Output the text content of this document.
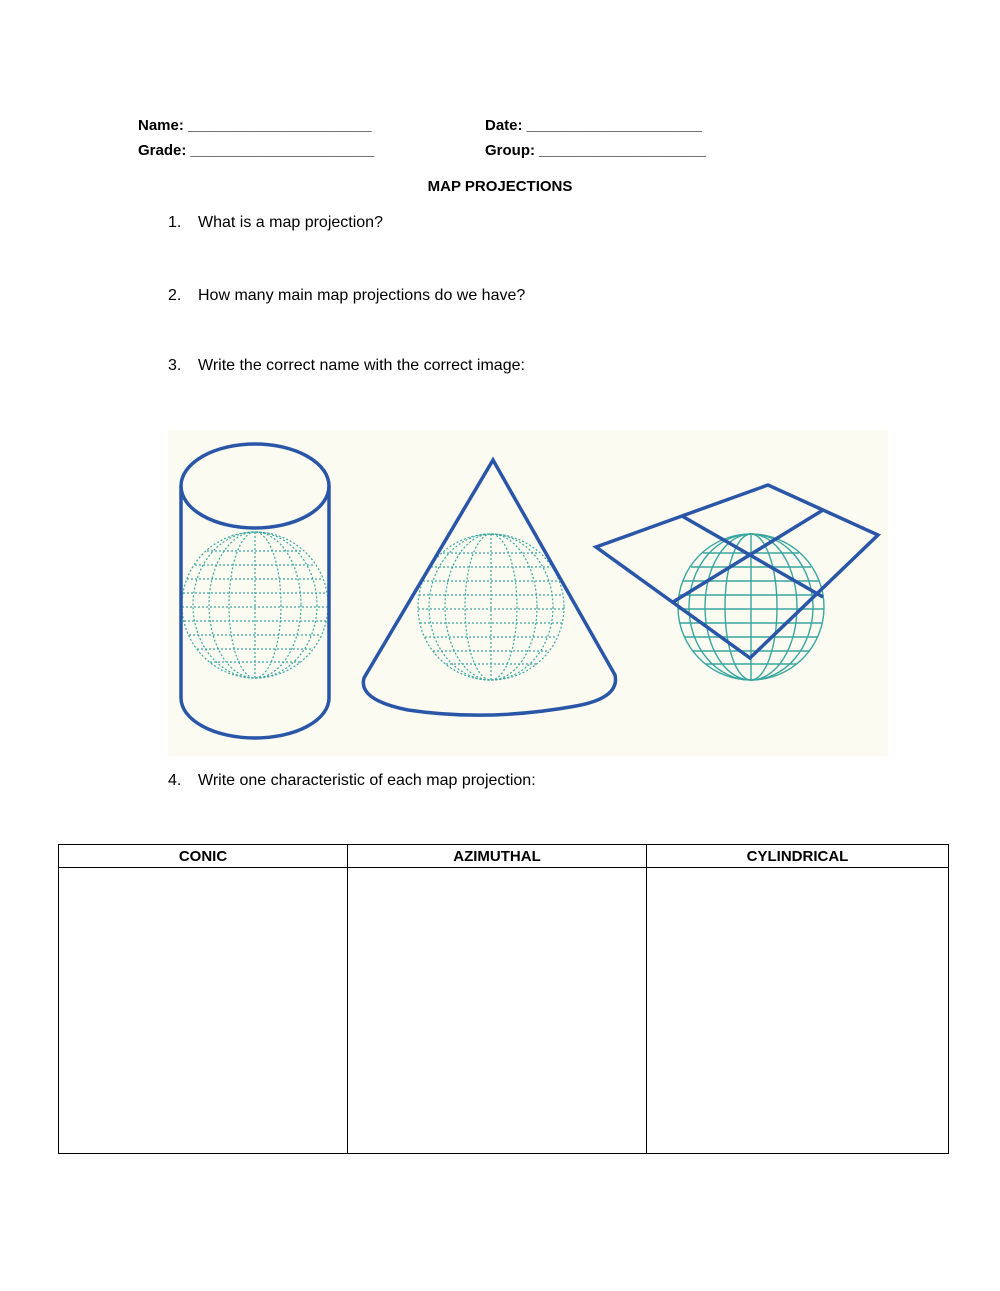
Name: ______________________	Date: _____________________
Grade: ______________________	Group: ____________________
MAP PROJECTIONS
1. What is a map projection?
2. How many main map projections do we have?
3. Write the correct name with the correct image:
4. Write one characteristic of each map projection:
CONIC	AZIMUTHAL	CYLINDRICAL
